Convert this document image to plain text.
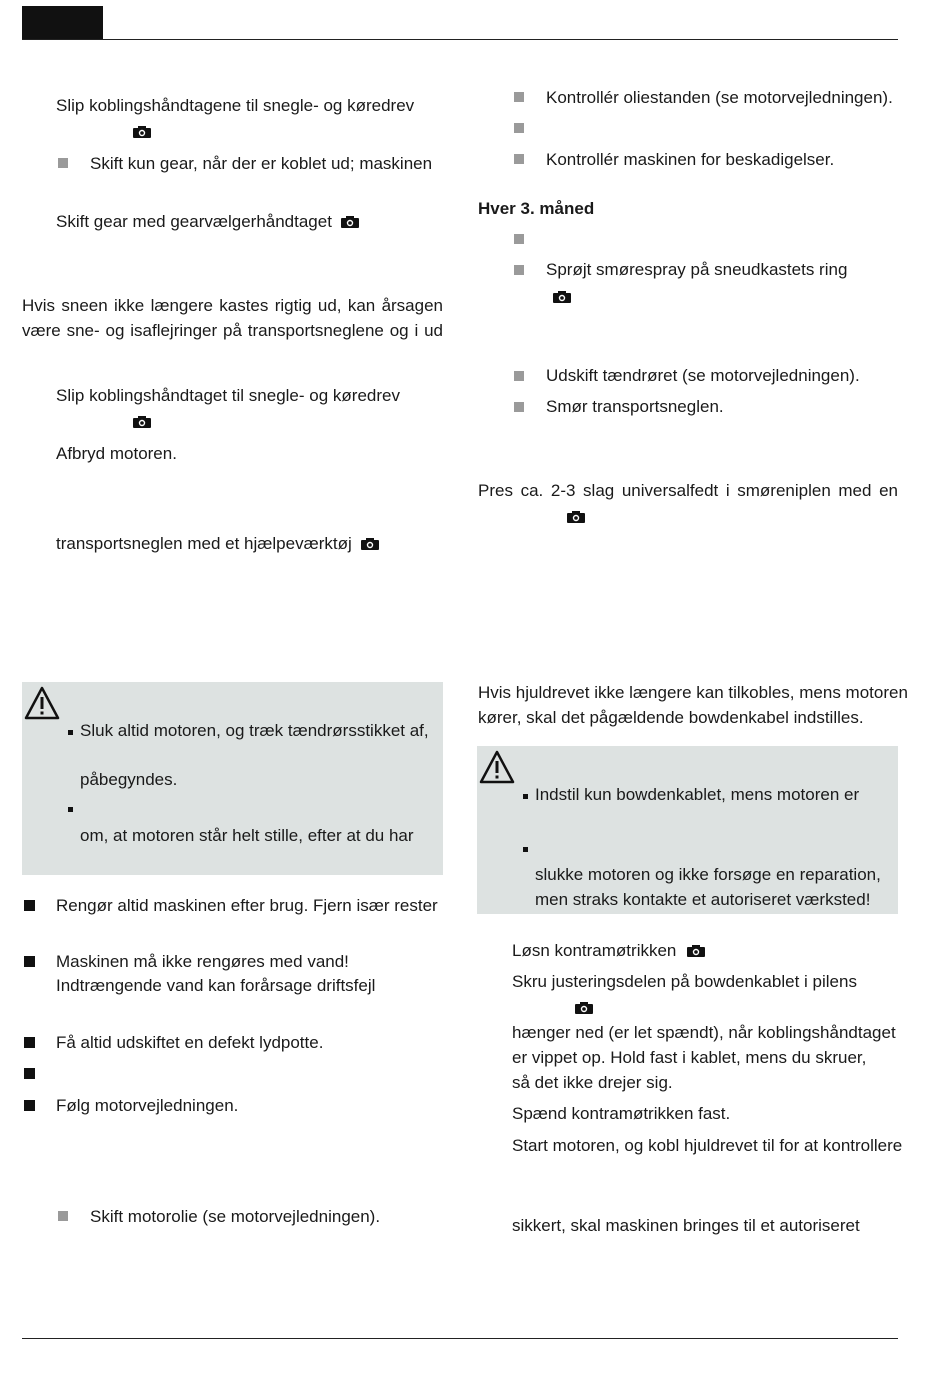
Slip koblingshåndtagene til snegle- og køredrev
Skift kun gear, når der er koblet ud; maskinen
Skift gear med gearvælgerhåndtaget
Hvis sneen ikke længere kastes rigtig ud, kan årsagen være sne- og isaflejringer på transportsneglene og i ud
Slip koblingshåndtaget til snegle- og køredrev
Afbryd motoren.
transportsneglen med et hjælpeværktøj
Sluk altid motoren, og træk tændrørsstikket af,
påbegyndes.
om, at motoren står helt stille, efter at du har
Rengør altid maskinen efter brug. Fjern især rester
Maskinen må ikke rengøres med vand!
Indtrængende vand kan forårsage driftsfejl
Få altid udskiftet en defekt lydpotte.
Følg motorvejledningen.
Skift motorolie (se motorvejledningen).
Kontrollér oliestanden (se motorvejledningen).
Kontrollér maskinen for beskadigelser.
Hver 3. måned
Sprøjt smørespray på sneudkastets ring
Udskift tændrøret (se motorvejledningen).
Smør transportsneglen.
Pres ca. 2-3 slag universalfedt i smøreniplen med en
Hvis hjuldrevet ikke længere kan tilkobles, mens motoren
kører, skal det pågældende bowdenkabel indstilles.
Indstil kun bowdenkablet, mens motoren er
slukke motoren og ikke forsøge en reparation,
men straks kontakte et autoriseret værksted!
Løsn kontramøtrikken
Skru justeringsdelen på bowdenkablet i pilens
hænger ned (er let spændt), når koblingshåndtaget
er vippet op. Hold fast i kablet, mens du skruer,
så det ikke drejer sig.
Spænd kontramøtrikken fast.
Start motoren, og kobl hjuldrevet til for at kontrollere
sikkert, skal maskinen bringes til et autoriseret
